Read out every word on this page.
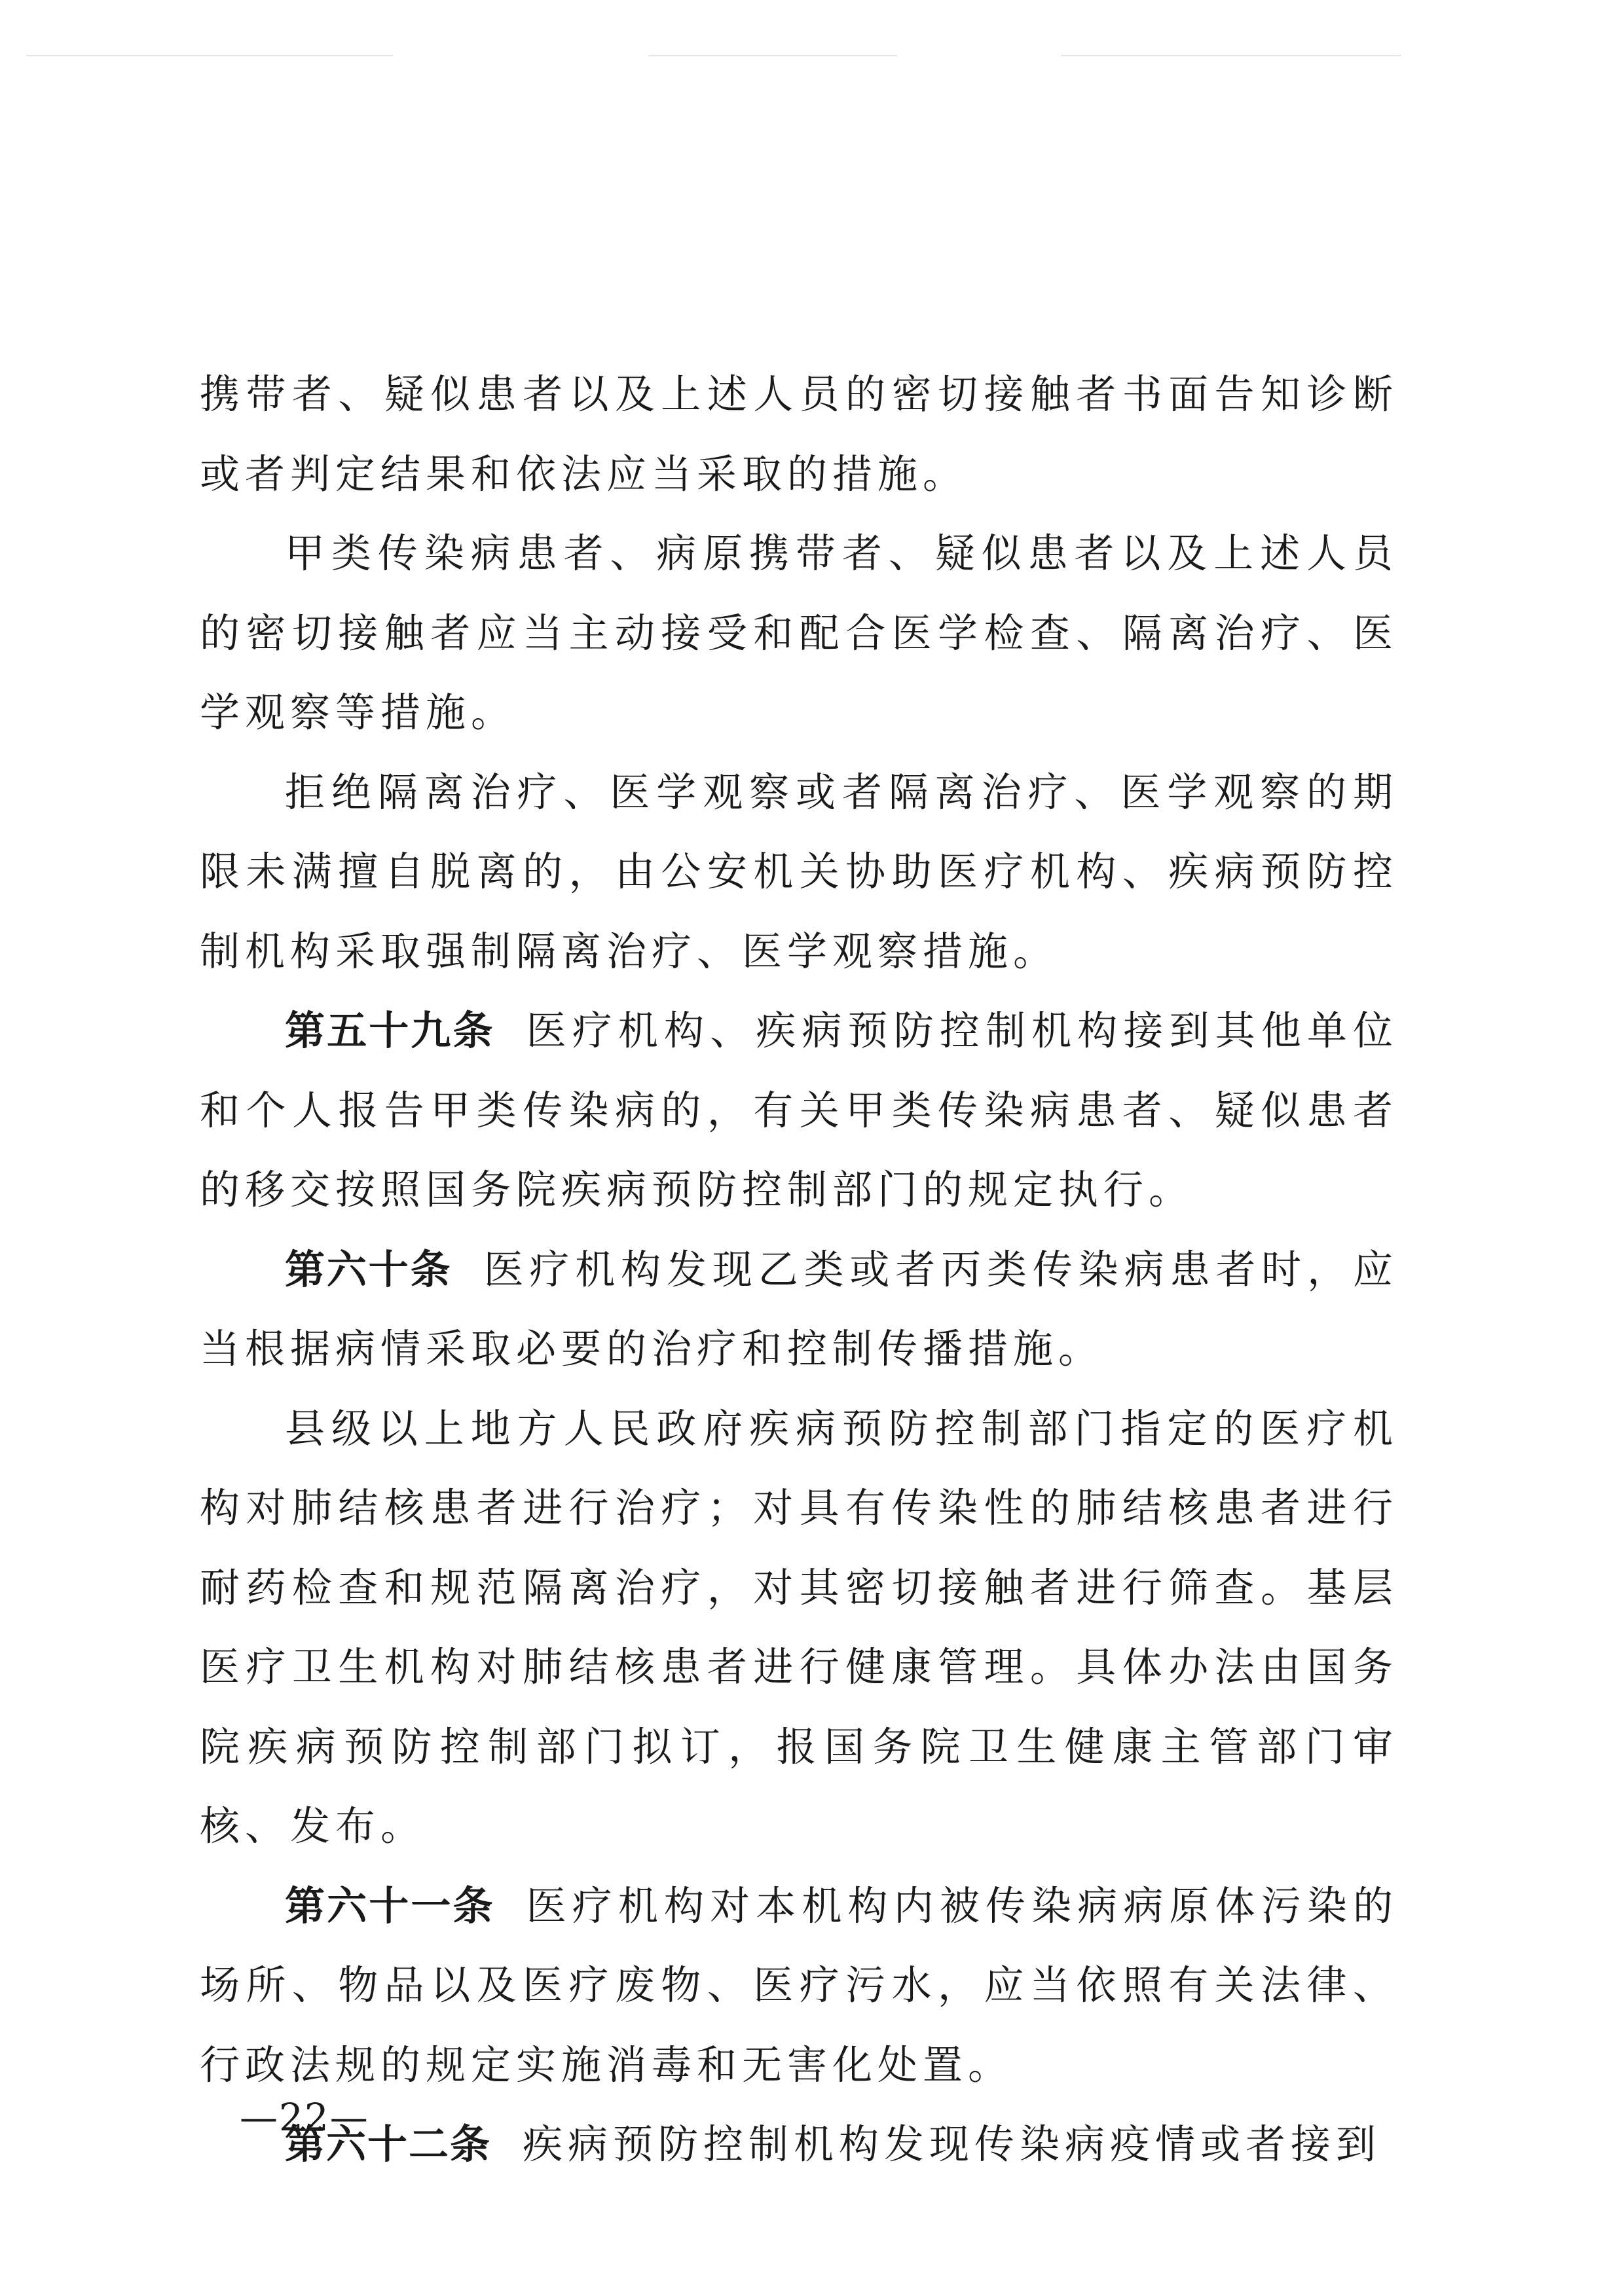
携带者、疑似患者以及上述人员的密切接触者书面告知诊断或者判定结果和依法应当采取的措施。

甲类传染病患者、病原携带者、疑似患者以及上述人员的密切接触者应当主动接受和配合医学检查、隔离治疗、医学观察等措施。

拒绝隔离治疗、医学观察或者隔离治疗、医学观察的期限未满擅自脱离的，由公安机关协助医疗机构、疾病预防控制机构采取强制隔离治疗、医学观察措施。

第五十九条 医疗机构、疾病预防控制机构接到其他单位和个人报告甲类传染病的，有关甲类传染病患者、疑似患者的移交按照国务院疾病预防控制部门的规定执行。

第六十条 医疗机构发现乙类或者丙类传染病患者时，应当根据病情采取必要的治疗和控制传播措施。

县级以上地方人民政府疾病预防控制部门指定的医疗机构对肺结核患者进行治疗；对具有传染性的肺结核患者进行耐药检查和规范隔离治疗，对其密切接触者进行筛查。基层医疗卫生机构对肺结核患者进行健康管理。具体办法由国务院疾病预防控制部门拟订，报国务院卫生健康主管部门审核、发布。

第六十一条 医疗机构对本机构内被传染病病原体污染的场所、物品以及医疗废物、医疗污水，应当依照有关法律、行政法规的规定实施消毒和无害化处置。

第六十二条 疾病预防控制机构发现传染病疫情或者接到

—22—
